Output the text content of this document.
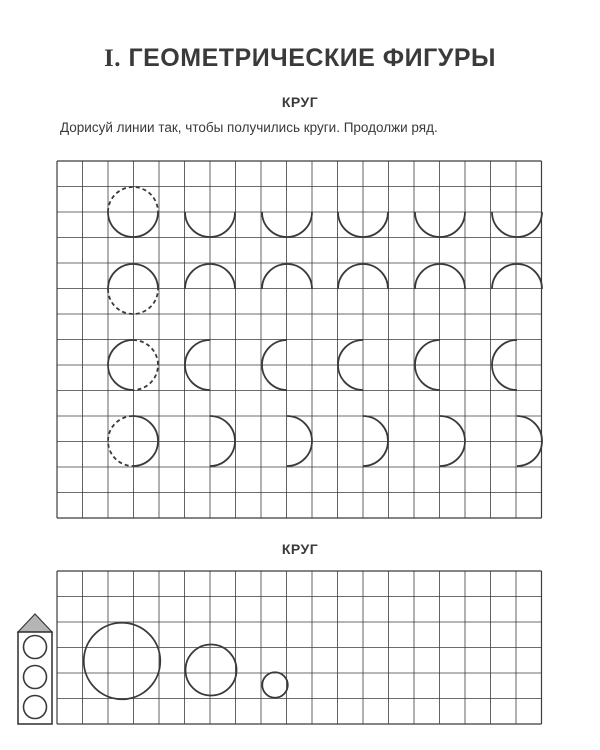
I. ГЕОМЕТРИЧЕСКИЕ ФИГУРЫ
КРУГ
Дорисуй линии так, чтобы получились круги. Продолжи ряд.
КРУГ
